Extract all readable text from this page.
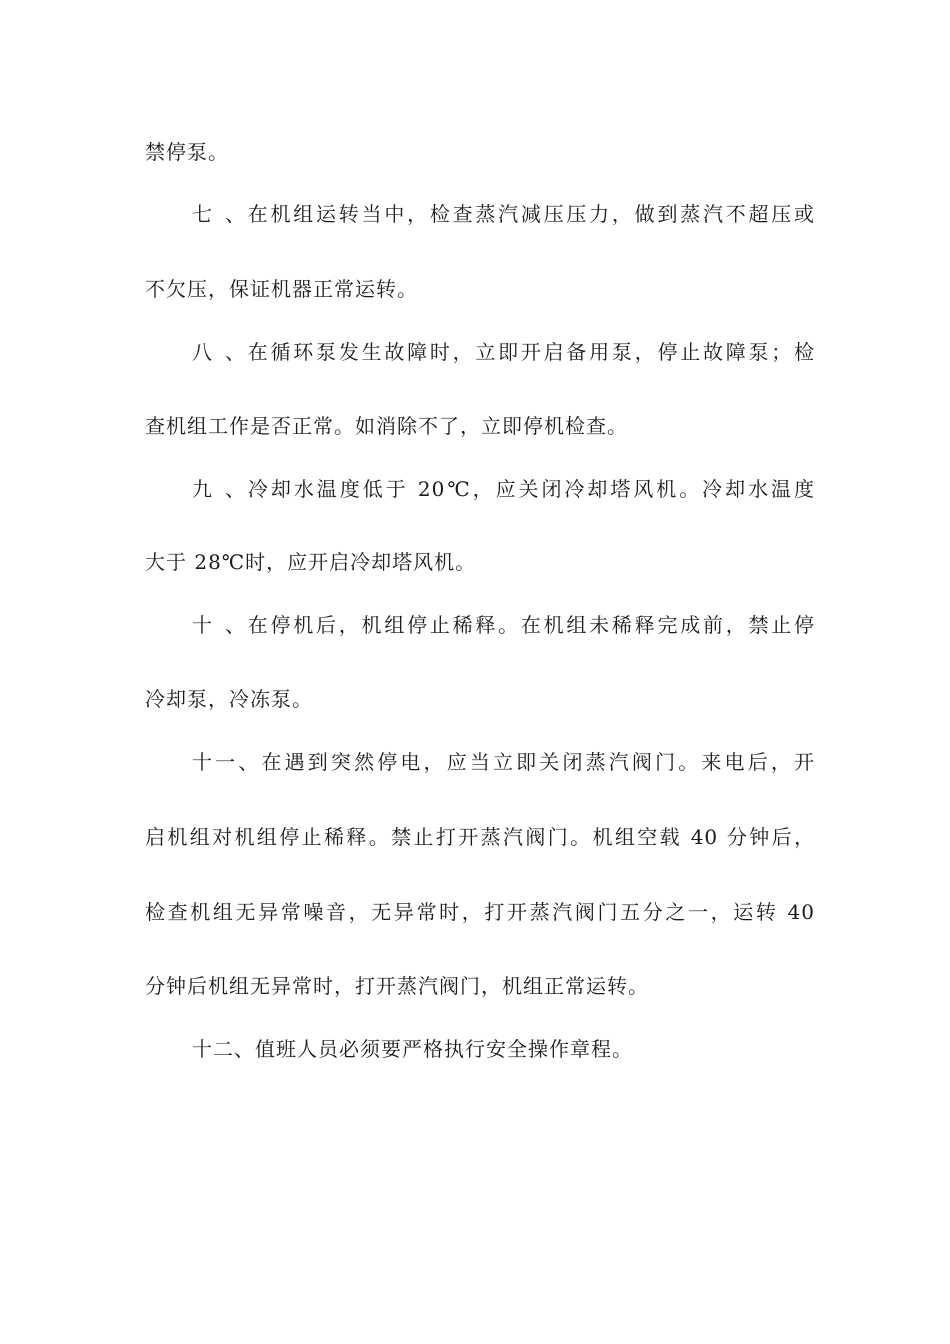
禁停泵。
七、在机组运转当中，检查蒸汽减压压力，做到蒸汽不超压或
不欠压，保证机器正常运转。
八、在循环泵发生故障时，立即开启备用泵，停止故障泵；检
查机组工作是否正常。如消除不了，立即停机检查。
九、冷却水温度低于 20℃，应关闭冷却塔风机。冷却水温度
大于 28℃时，应开启冷却塔风机。
十、在停机后，机组停止稀释。在机组未稀释完成前，禁止停
冷却泵，冷冻泵。
十一、在遇到突然停电，应当立即关闭蒸汽阀门。来电后，开
启机组对机组停止稀释。禁止打开蒸汽阀门。机组空载 40 分钟后，
检查机组无异常噪音，无异常时，打开蒸汽阀门五分之一，运转 40
分钟后机组无异常时，打开蒸汽阀门，机组正常运转。
十二、值班人员必须要严格执行安全操作章程。
